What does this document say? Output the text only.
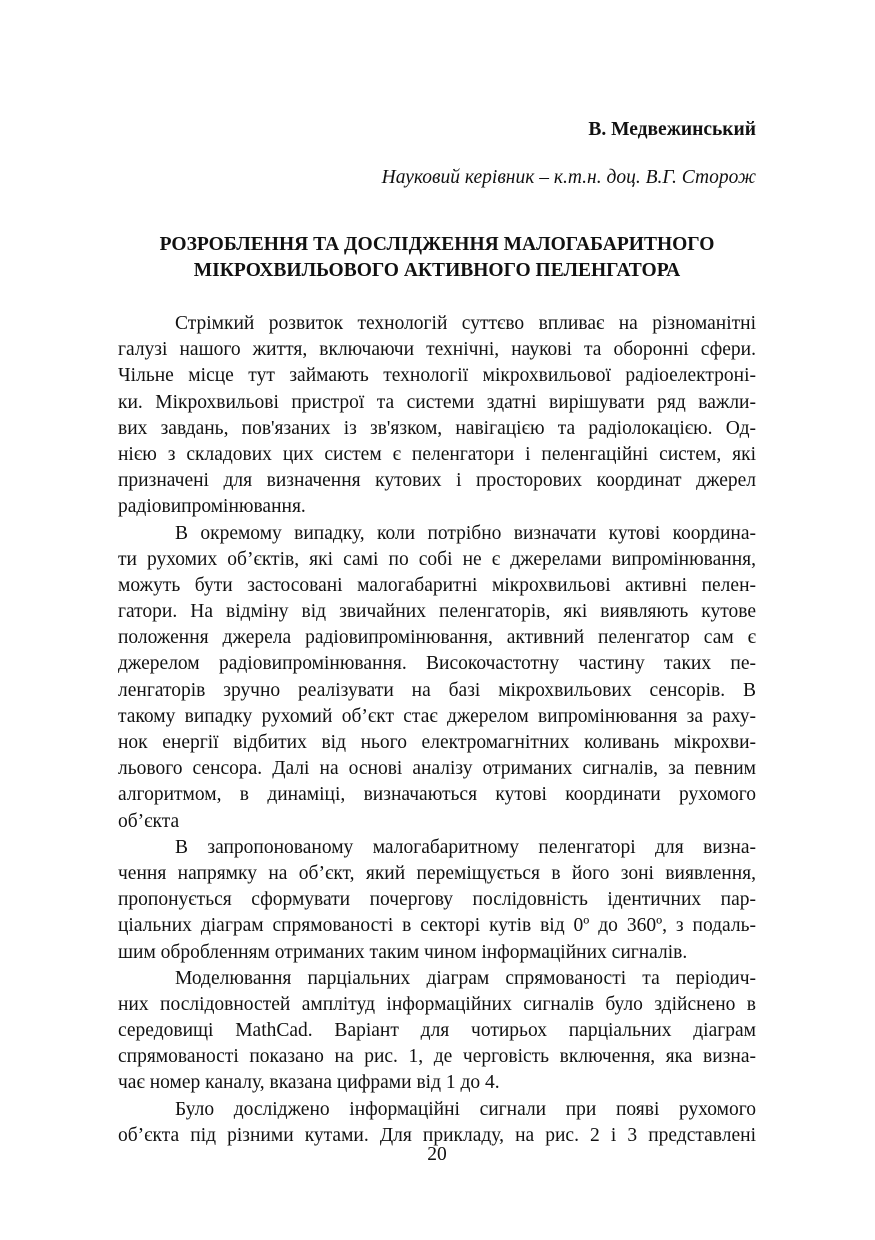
В. Медвежинський
Науковий керівник – к.т.н. доц. В.Г. Сторож
РОЗРОБЛЕННЯ ТА ДОСЛІДЖЕННЯ МАЛОГАБАРИТНОГО
МІКРОХВИЛЬОВОГО АКТИВНОГО ПЕЛЕНГАТОРА
Стрімкий розвиток технологій суттєво впливає на різноманітні
галузі нашого життя, включаючи технічні, наукові та оборонні сфери.
Чільне місце тут займають технології мікрохвильової радіоелектроні-
ки. Мікрохвильові пристрої та системи здатні вирішувати ряд важли-
вих завдань, пов'язаних із зв'язком, навігацією та радіолокацією. Од-
нією з складових цих систем є пеленгатори і пеленгаційні систем, які
призначені для визначення кутових і просторових координат джерел
радіовипромінювання.
В окремому випадку, коли потрібно визначати кутові координа-
ти рухомих об’єктів, які самі по собі не є джерелами випромінювання,
можуть бути застосовані малогабаритні мікрохвильові активні пелен-
гатори. На відміну від звичайних пеленгаторів, які виявляють кутове
положення джерела радіовипромінювання, активний пеленгатор сам є
джерелом радіовипромінювання. Високочастотну частину таких пе-
ленгаторів зручно реалізувати на базі мікрохвильових сенсорів. В
такому випадку рухомий об’єкт стає джерелом випромінювання за раху-
нок енергії відбитих від нього електромагнітних коливань мікрохви-
льового сенсора. Далі на основі аналізу отриманих сигналів, за певним
алгоритмом, в динаміці, визначаються кутові координати рухомого
об’єкта
В запропонованому малогабаритному пеленгаторі для визна-
чення напрямку на об’єкт, який переміщується в його зоні виявлення,
пропонується сформувати почергову послідовність ідентичних пар-
ціальних діаграм спрямованості в секторі кутів від 0º до 360º, з подаль-
шим обробленням отриманих таким чином інформаційних сигналів.
Моделювання парціальних діаграм спрямованості та періодич-
них послідовностей амплітуд інформаційних сигналів було здійснено в
середовищі MathCad. Варіант для чотирьох парціальних діаграм
спрямованості показано на рис. 1, де черговість включення, яка визна-
чає номер каналу, вказана цифрами від 1 до 4.
Було досліджено інформаційні сигнали при появі рухомого
об’єкта під різними кутами. Для прикладу, на рис. 2 і 3 представлені
20
